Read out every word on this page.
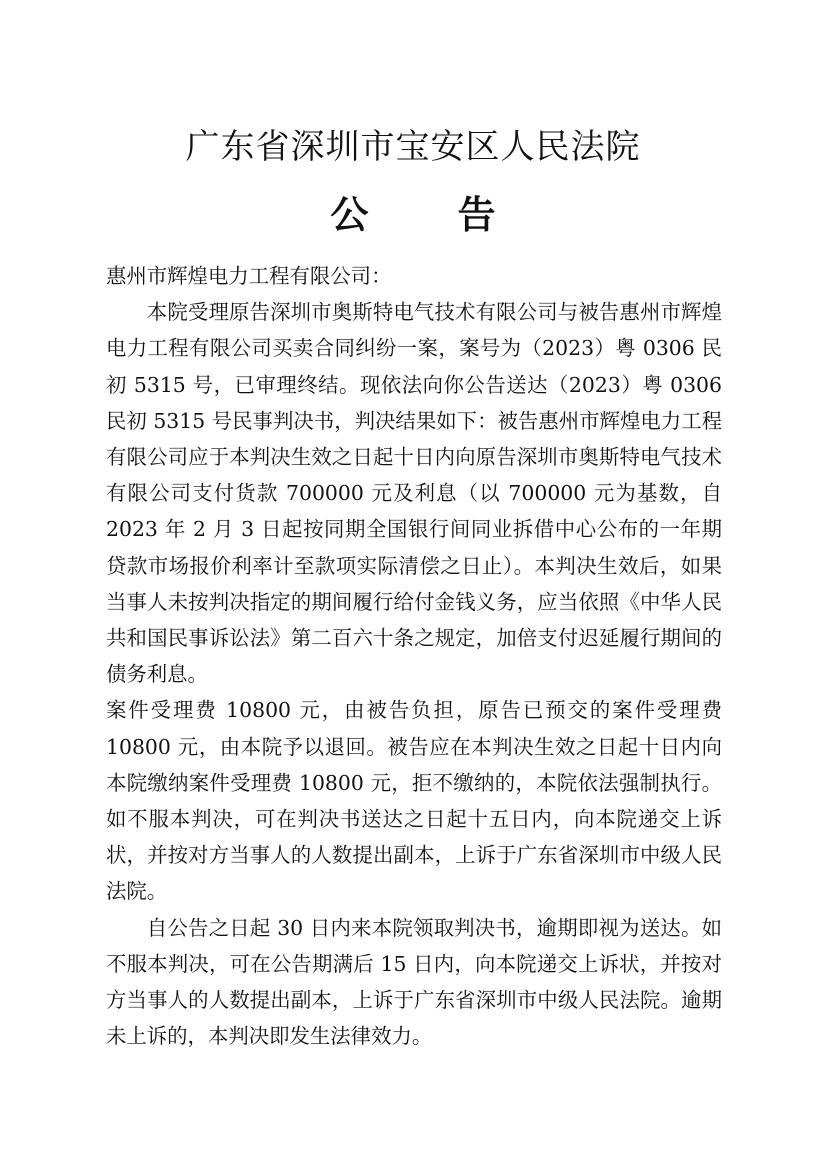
广东省深圳市宝安区人民法院
公 告

惠州市辉煌电力工程有限公司：

本院受理原告深圳市奥斯特电气技术有限公司与被告惠州市辉煌电力工程有限公司买卖合同纠纷一案，案号为（2023）粤 0306 民初 5315 号，已审理终结。现依法向你公告送达（2023）粤 0306 民初 5315 号民事判决书，判决结果如下：被告惠州市辉煌电力工程有限公司应于本判决生效之日起十日内向原告深圳市奥斯特电气技术有限公司支付货款 700000 元及利息（以 700000 元为基数，自 2023 年 2 月 3 日起按同期全国银行间同业拆借中心公布的一年期贷款市场报价利率计至款项实际清偿之日止）。本判决生效后，如果当事人未按判决指定的期间履行给付金钱义务，应当依照《中华人民共和国民事诉讼法》第二百六十条之规定，加倍支付迟延履行期间的债务利息。

案件受理费 10800 元，由被告负担，原告已预交的案件受理费 10800 元，由本院予以退回。被告应在本判决生效之日起十日内向本院缴纳案件受理费 10800 元，拒不缴纳的，本院依法强制执行。如不服本判决，可在判决书送达之日起十五日内，向本院递交上诉状，并按对方当事人的人数提出副本，上诉于广东省深圳市中级人民法院。

自公告之日起 30 日内来本院领取判决书，逾期即视为送达。如不服本判决，可在公告期满后 15 日内，向本院递交上诉状，并按对方当事人的人数提出副本，上诉于广东省深圳市中级人民法院。逾期未上诉的，本判决即发生法律效力。
